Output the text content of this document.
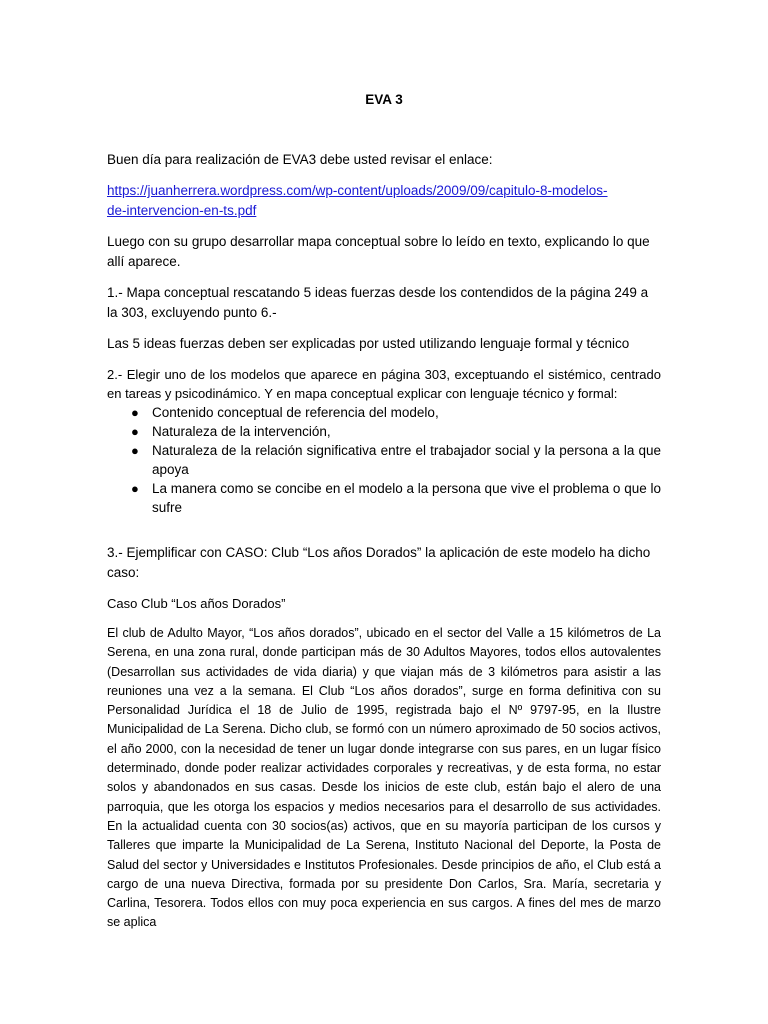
EVA 3

Buen día para realización de EVA3 debe usted revisar el enlace:

https://juanherrera.wordpress.com/wp-content/uploads/2009/09/capitulo-8-modelos-
de-intervencion-en-ts.pdf

Luego con su grupo desarrollar mapa conceptual sobre lo leído en texto, explicando lo que allí aparece.

1.- Mapa conceptual rescatando 5 ideas fuerzas desde los contendidos de la página 249 a la 303, excluyendo punto 6.-

Las 5 ideas fuerzas deben ser explicadas por usted utilizando lenguaje formal y técnico

2.- Elegir uno de los modelos que aparece en página 303, exceptuando el sistémico, centrado en tareas y psicodinámico. Y en mapa conceptual explicar con lenguaje técnico y formal:

● Contenido conceptual de referencia del modelo,
● Naturaleza de la intervención,
● Naturaleza de la relación significativa entre el trabajador social y la persona a la que apoya
● La manera como se concibe en el modelo a la persona que vive el problema o que lo sufre

3.- Ejemplificar con CASO: Club “Los años Dorados” la aplicación de este modelo ha dicho caso:

Caso Club “Los años Dorados”

El club de Adulto Mayor, “Los años dorados”, ubicado en el sector del Valle a 15 kilómetros de La Serena, en una zona rural, donde participan más de 30 Adultos Mayores, todos ellos autovalentes (Desarrollan sus actividades de vida diaria) y que viajan más de 3 kilómetros para asistir a las reuniones una vez a la semana. El Club “Los años dorados”, surge en forma definitiva con su Personalidad Jurídica el 18 de Julio de 1995, registrada bajo el Nº 9797-95, en la Ilustre Municipalidad de La Serena. Dicho club, se formó con un número aproximado de 50 socios activos, el año 2000, con la necesidad de tener un lugar donde integrarse con sus pares, en un lugar físico determinado, donde poder realizar actividades corporales y recreativas, y de esta forma, no estar solos y abandonados en sus casas. Desde los inicios de este club, están bajo el alero de una parroquia, que les otorga los espacios y medios necesarios para el desarrollo de sus actividades. En la actualidad cuenta con 30 socios(as) activos, que en su mayoría participan de los cursos y Talleres que imparte la Municipalidad de La Serena, Instituto Nacional del Deporte, la Posta de Salud del sector y Universidades e Institutos Profesionales. Desde principios de año, el Club está a cargo de una nueva Directiva, formada por su presidente Don Carlos, Sra. María, secretaria y Carlina, Tesorera. Todos ellos con muy poca experiencia en sus cargos. A fines del mes de marzo se aplica
